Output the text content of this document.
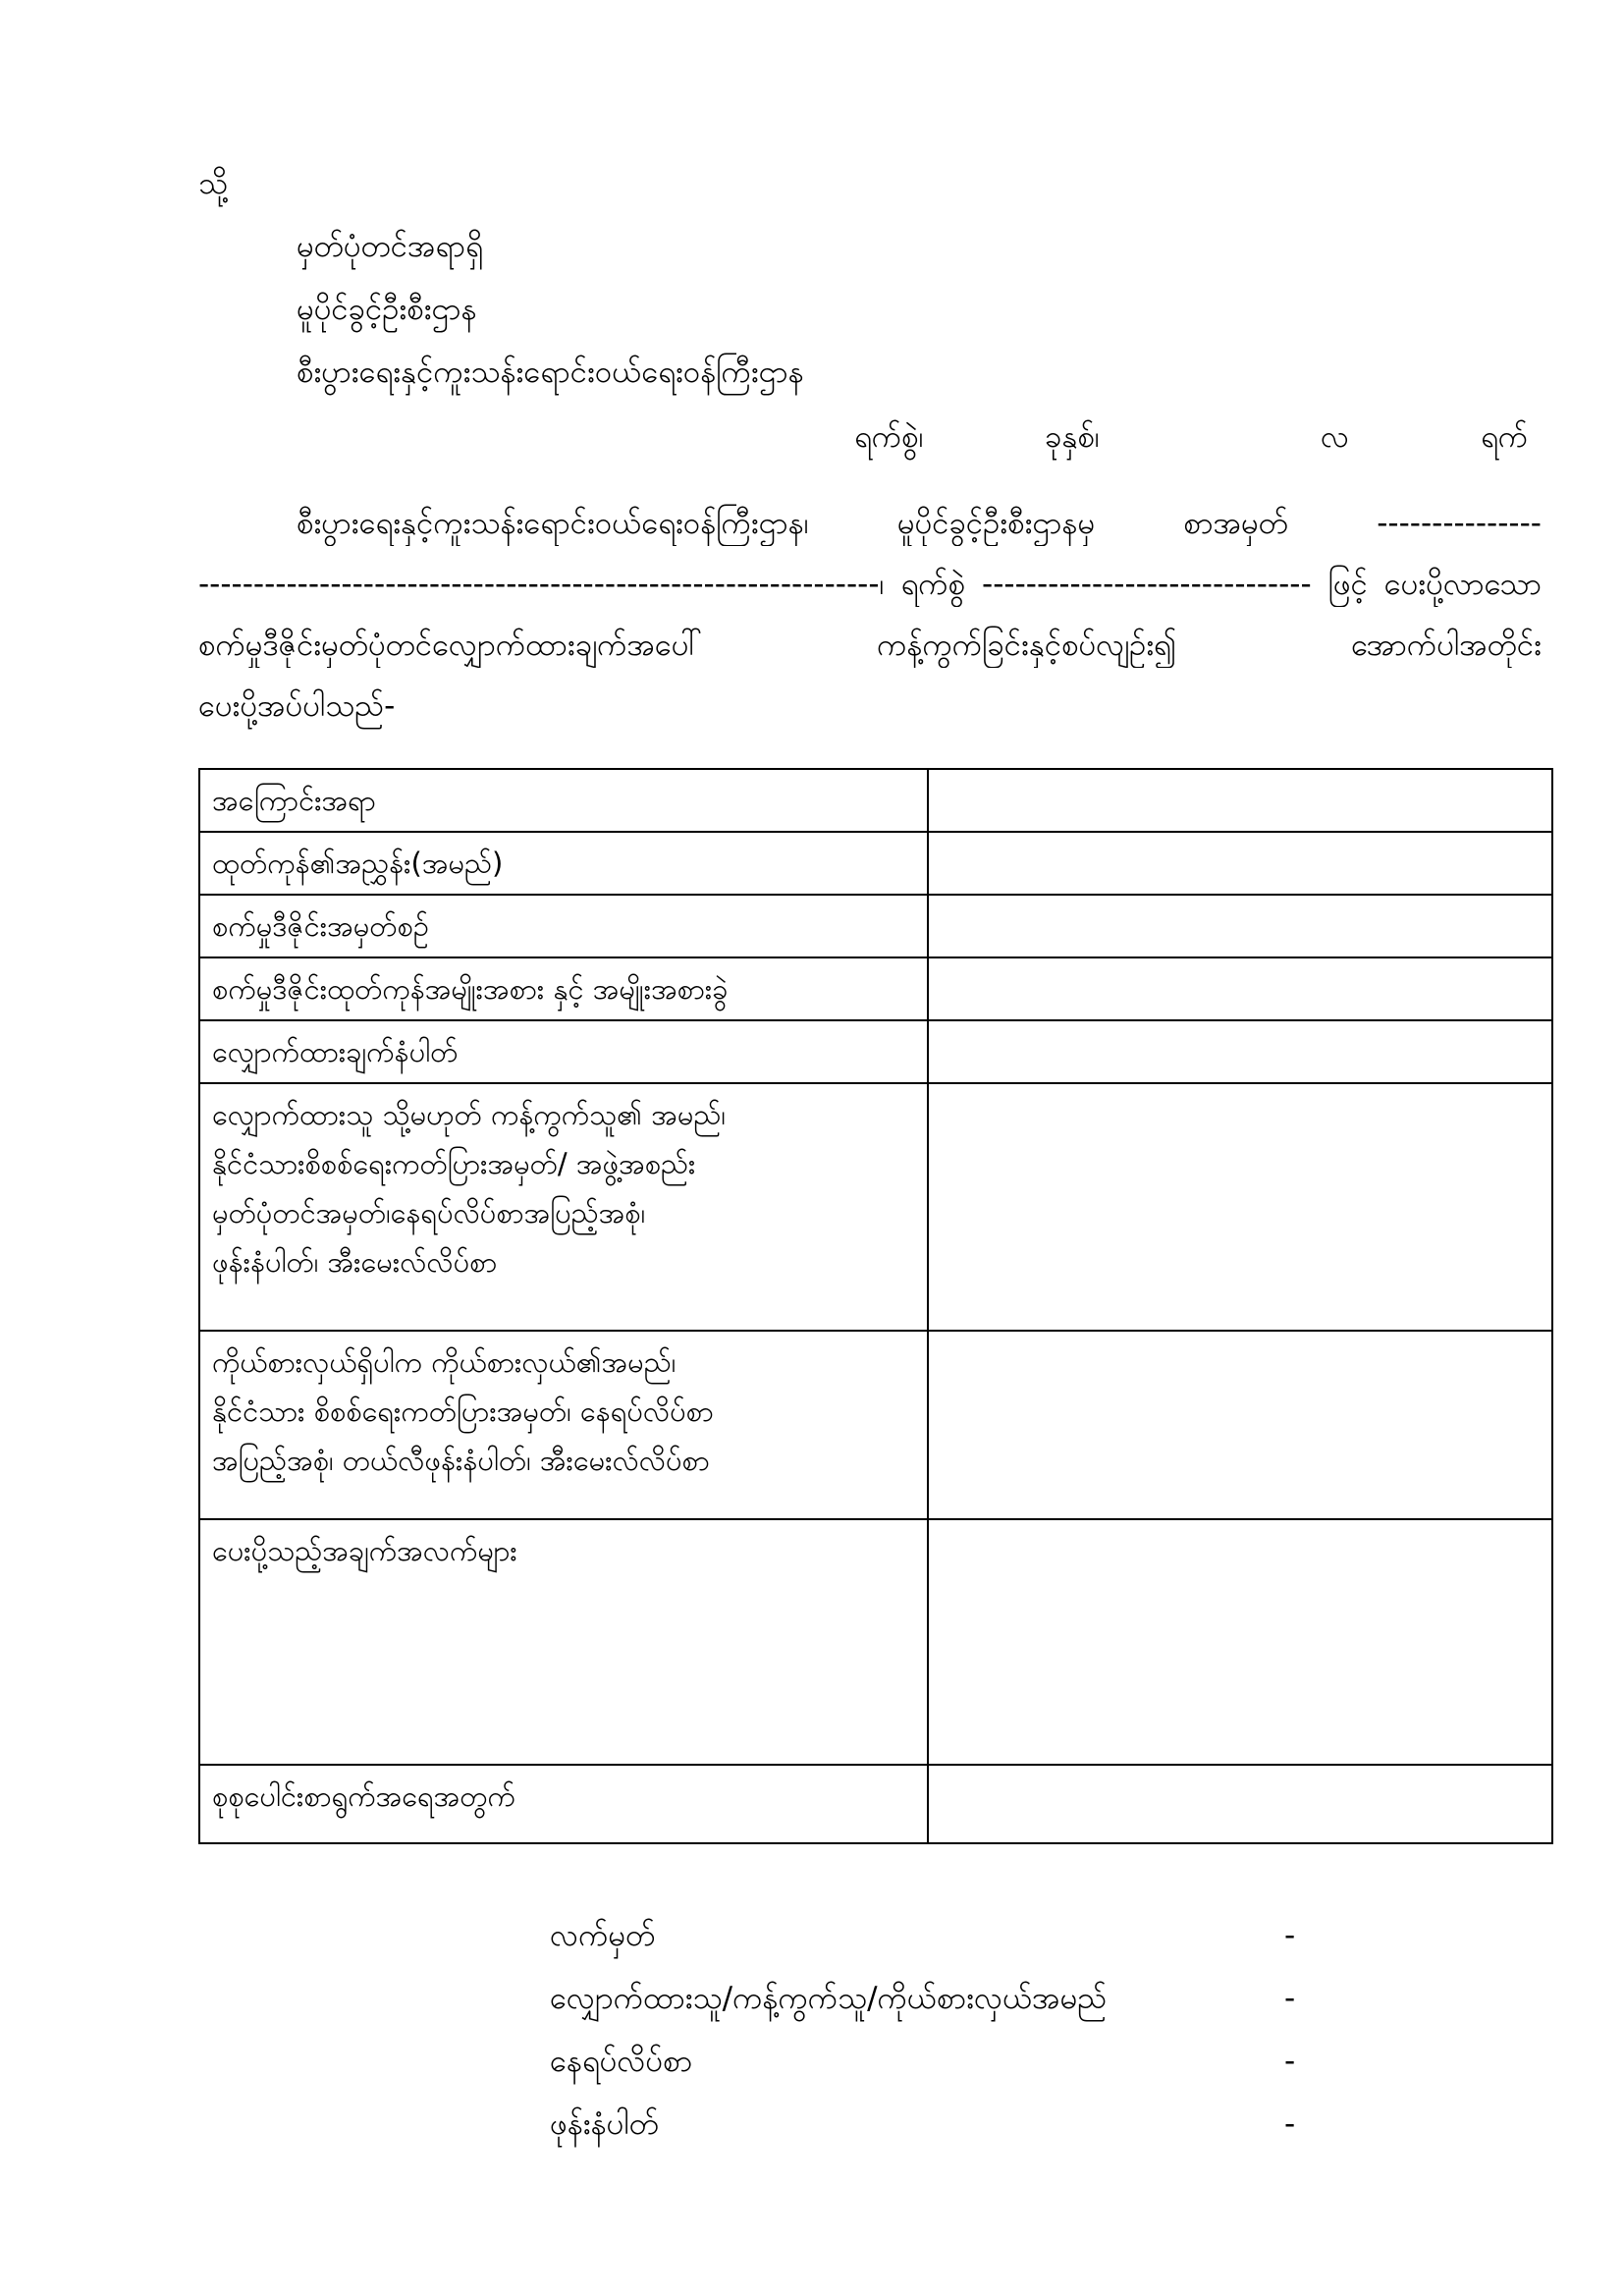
သို့
မှတ်ပုံတင်အရာရှိ
မူပိုင်ခွင့်ဦးစီးဌာန
စီးပွားရေးနှင့်ကူးသန်းရောင်းဝယ်ရေးဝန်ကြီးဌာန
ရက်စွဲ၊	ခုနှစ်၊	လ	ရက်
စီးပွားရေးနှင့်ကူးသန်းရောင်းဝယ်ရေးဝန်ကြီးဌာန၊ မူပိုင်ခွင့်ဦးစီးဌာနမှ စာအမှတ် ---------------
--------------------------------------------------------------၊ ရက်စွဲ ------------------------------ ဖြင့် ပေးပို့လာသော
စက်မှုဒီဇိုင်းမှတ်ပုံတင်လျှောက်ထားချက်အပေါ် ကန့်ကွက်ခြင်းနှင့်စပ်လျဉ်း၍ အောက်ပါအတိုင်း
ပေးပို့အပ်ပါသည်-
အကြောင်းအရာ	
ထုတ်ကုန်၏အညွှန်း(အမည်)	
စက်မှုဒီဇိုင်းအမှတ်စဉ်	
စက်မှုဒီဇိုင်းထုတ်ကုန်အမျိုးအစား နှင့် အမျိုးအစားခွဲ	
လျှောက်ထားချက်နံပါတ်	

လျှောက်ထားသူ သို့မဟုတ် ကန့်ကွက်သူ၏ အမည်၊
နိုင်ငံသားစိစစ်ရေးကတ်ပြားအမှတ်/ အဖွဲ့အစည်း
မှတ်ပုံတင်အမှတ်၊နေရပ်လိပ်စာအပြည့်အစုံ၊
ဖုန်းနံပါတ်၊ အီးမေးလ်လိပ်စာ	

ကိုယ်စားလှယ်ရှိပါက ကိုယ်စားလှယ်၏အမည်၊
နိုင်ငံသား စိစစ်ရေးကတ်ပြားအမှတ်၊ နေရပ်လိပ်စာ
အပြည့်အစုံ၊ တယ်လီဖုန်းနံပါတ်၊ အီးမေးလ်လိပ်စာ	

ပေးပို့သည့်အချက်အလက်များ	
စုစုပေါင်းစာရွက်အရေအတွက်	
လက်မှတ်	-
လျှောက်ထားသူ/ကန့်ကွက်သူ/ကိုယ်စားလှယ်အမည်	-
နေရပ်လိပ်စာ	-
ဖုန်းနံပါတ်	-
